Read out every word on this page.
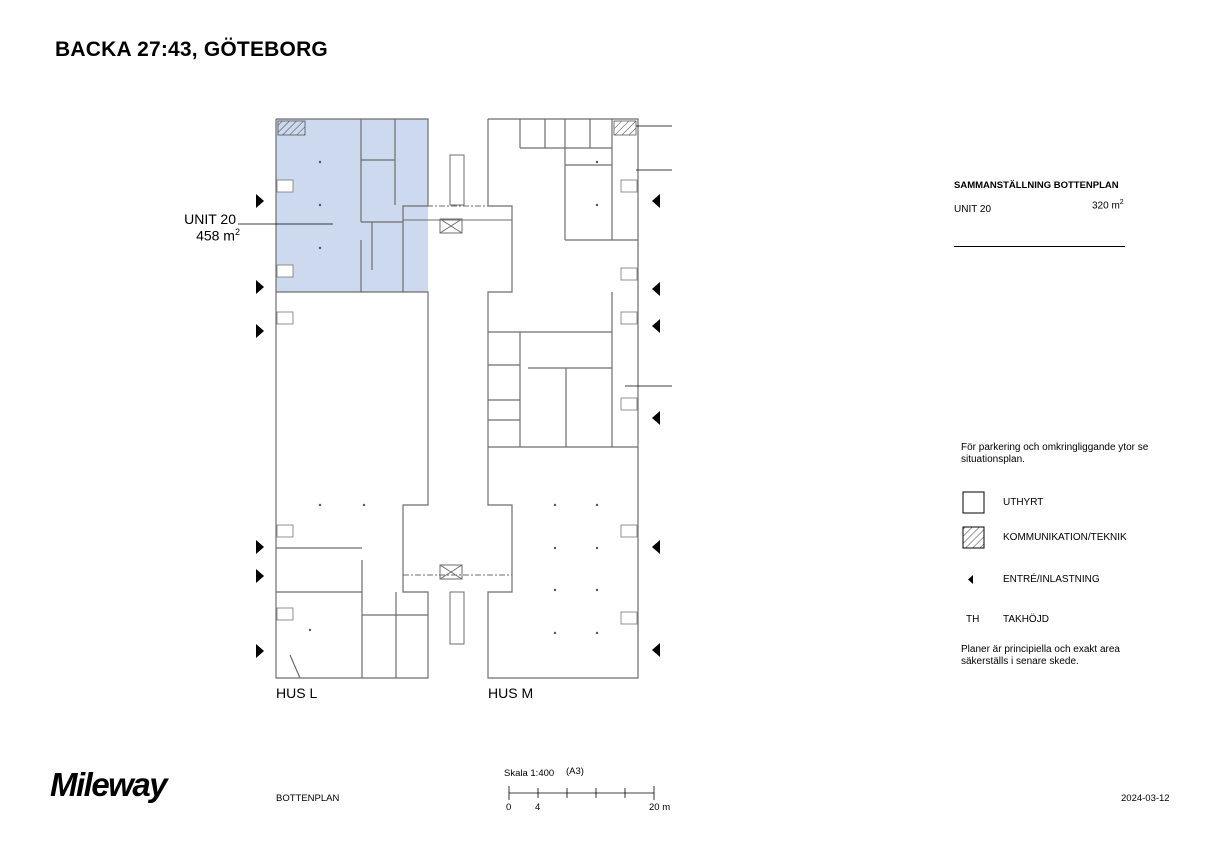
BACKA 27:43, GÖTEBORG
UNIT 20
458 $m^2$
HUS L	HUS M
SAMMANSTÄLLNING BOTTENPLAN
UNIT 20	320 $m^2$
För parkering och omkringliggande ytor se situationsplan.
UTHYRT
KOMMUNIKATION/TEKNIK
ENTRÉ/INLASTNING
TH TAKHÖJD
Planer är principiella och exakt area säkerställs i senare skede.
Mileway	BOTTENPLAN	2024-03-12
Skala 1:400 (A3)
0 4	20 m
